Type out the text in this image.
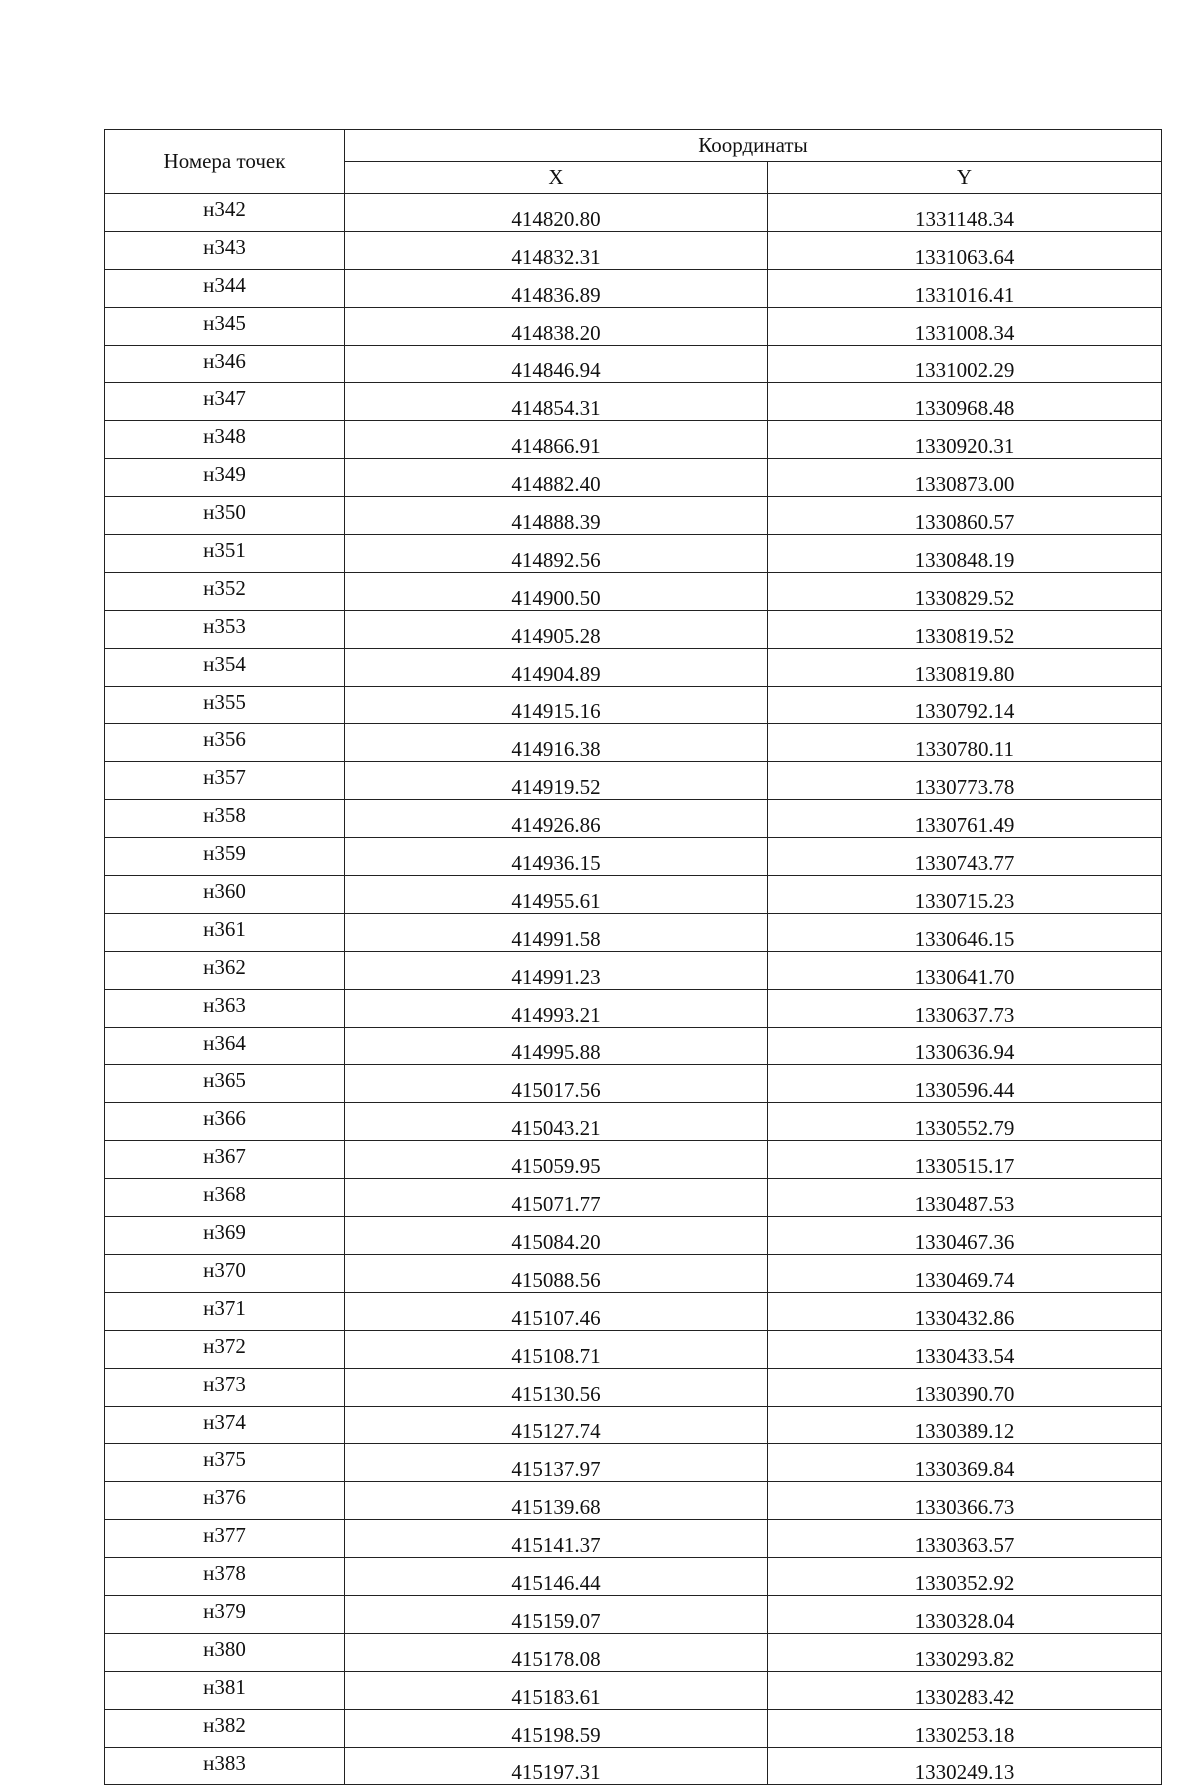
Номера точек	Координаты	
	X	Y
н342	414820.80	1331148.34
н343	414832.31	1331063.64
н344	414836.89	1331016.41
н345	414838.20	1331008.34
н346	414846.94	1331002.29
н347	414854.31	1330968.48
н348	414866.91	1330920.31
н349	414882.40	1330873.00
н350	414888.39	1330860.57
н351	414892.56	1330848.19
н352	414900.50	1330829.52
н353	414905.28	1330819.52
н354	414904.89	1330819.80
н355	414915.16	1330792.14
н356	414916.38	1330780.11
н357	414919.52	1330773.78
н358	414926.86	1330761.49
н359	414936.15	1330743.77
н360	414955.61	1330715.23
н361	414991.58	1330646.15
н362	414991.23	1330641.70
н363	414993.21	1330637.73
н364	414995.88	1330636.94
н365	415017.56	1330596.44
н366	415043.21	1330552.79
н367	415059.95	1330515.17
н368	415071.77	1330487.53
н369	415084.20	1330467.36
н370	415088.56	1330469.74
н371	415107.46	1330432.86
н372	415108.71	1330433.54
н373	415130.56	1330390.70
н374	415127.74	1330389.12
н375	415137.97	1330369.84
н376	415139.68	1330366.73
н377	415141.37	1330363.57
н378	415146.44	1330352.92
н379	415159.07	1330328.04
н380	415178.08	1330293.82
н381	415183.61	1330283.42
н382	415198.59	1330253.18
н383	415197.31	1330249.13
